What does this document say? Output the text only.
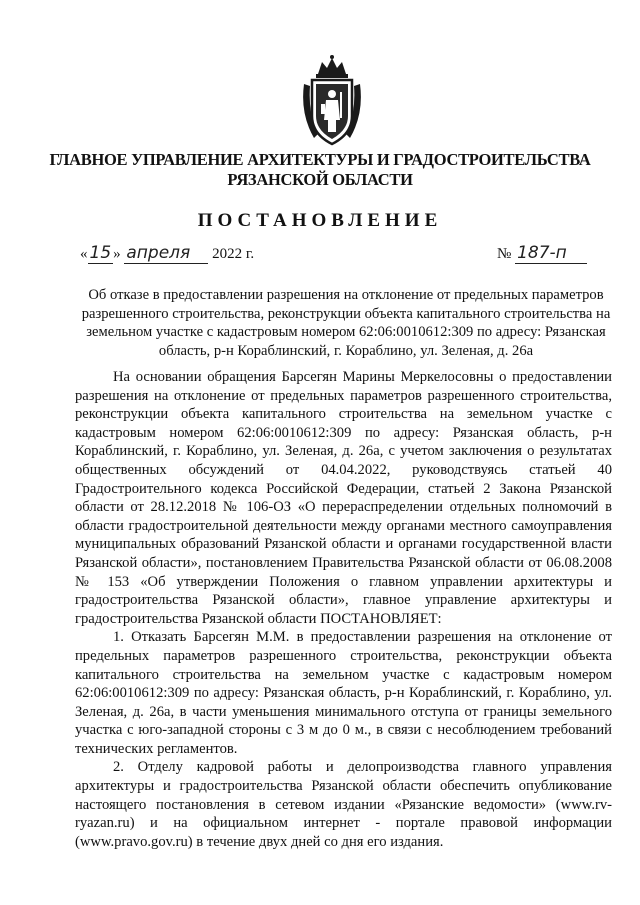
ГЛАВНОЕ УПРАВЛЕНИЕ АРХИТЕКТУРЫ И ГРАДОСТРОИТЕЛЬСТВА
РЯЗАНСКОЙ ОБЛАСТИ
ПОСТАНОВЛЕНИЕ
« 15 » апреля 2022 г.	№ 187-п
Об отказе в предоставлении разрешения на отклонение от предельных параметров разрешенного строительства, реконструкции объекта капитального строительства на земельном участке с кадастровым номером 62:06:0010612:309 по адресу: Рязанская область, р-н Кораблинский, г. Кораблино, ул. Зеленая, д. 26а

На основании обращения Барсегян Марины Меркелосовны о предоставлении разрешения на отклонение от предельных параметров разрешенного строительства, реконструкции объекта капитального строительства на земельном участке с кадастровым номером 62:06:0010612:309 по адресу: Рязанская область, р-н Кораблинский, г. Кораблино, ул. Зеленая, д. 26а, с учетом заключения о результатах общественных обсуждений от 04.04.2022, руководствуясь статьей 40 Градостроительного кодекса Российской Федерации, статьей 2 Закона Рязанской области от 28.12.2018 № 106-ОЗ «О перераспределении отдельных полномочий в области градостроительной деятельности между органами местного самоуправления муниципальных образований Рязанской области и органами государственной власти Рязанской области», постановлением Правительства Рязанской области от 06.08.2008 № 153 «Об утверждении Положения о главном управлении архитектуры и градостроительства Рязанской области», главное управление архитектуры и градостроительства Рязанской области ПОСТАНОВЛЯЕТ:

1. Отказать Барсегян М.М. в предоставлении разрешения на отклонение от предельных параметров разрешенного строительства, реконструкции объекта капитального строительства на земельном участке с кадастровым номером 62:06:0010612:309 по адресу: Рязанская область, р-н Кораблинский, г. Кораблино, ул. Зеленая, д. 26а, в части уменьшения минимального отступа от границы земельного участка с юго-западной стороны с 3 м до 0 м., в связи с несоблюдением требований технических регламентов.

2. Отделу кадровой работы и делопроизводства главного управления архитектуры и градостроительства Рязанской области обеспечить опубликование настоящего постановления в сетевом издании «Рязанские ведомости» (www.rv-ryazan.ru) и на официальном интернет - портале правовой информации (www.pravo.gov.ru) в течение двух дней со дня его издания.
